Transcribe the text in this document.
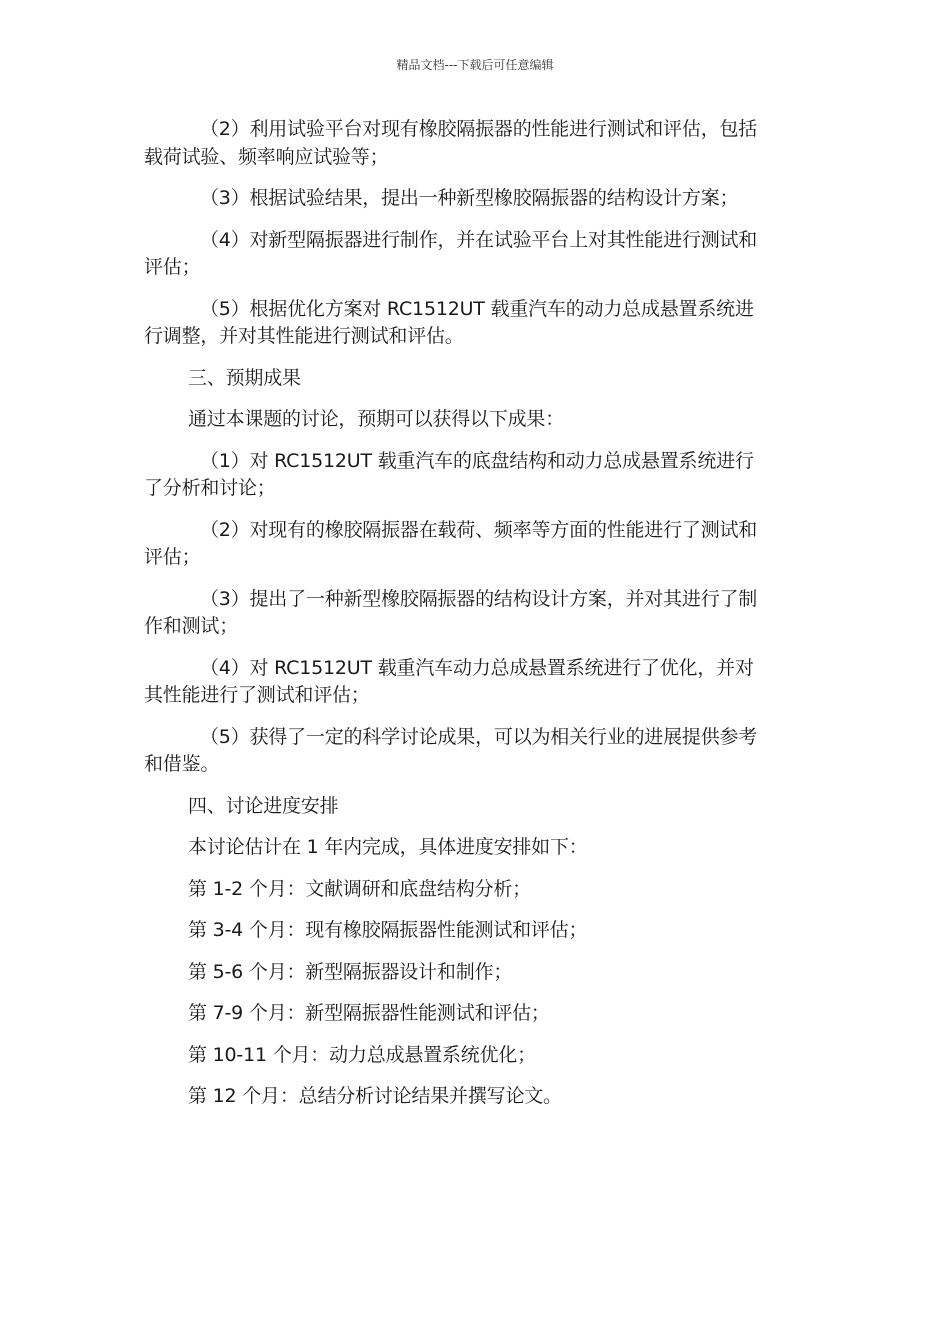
精品文档---下载后可任意编辑

（2）利用试验平台对现有橡胶隔振器的性能进行测试和评估，包括
载荷试验、频率响应试验等；

（3）根据试验结果，提出一种新型橡胶隔振器的结构设计方案；

（4）对新型隔振器进行制作，并在试验平台上对其性能进行测试和
评估；

（5）根据优化方案对 RC1512UT 载重汽车的动力总成悬置系统进
行调整，并对其性能进行测试和评估。

三、预期成果

通过本课题的讨论，预期可以获得以下成果：

（1）对 RC1512UT 载重汽车的底盘结构和动力总成悬置系统进行
了分析和讨论；

（2）对现有的橡胶隔振器在载荷、频率等方面的性能进行了测试和
评估；

（3）提出了一种新型橡胶隔振器的结构设计方案，并对其进行了制
作和测试；

（4）对 RC1512UT 载重汽车动力总成悬置系统进行了优化，并对
其性能进行了测试和评估；

（5）获得了一定的科学讨论成果，可以为相关行业的进展提供参考
和借鉴。

四、讨论进度安排

本讨论估计在 1 年内完成，具体进度安排如下：

第 1-2 个月：文献调研和底盘结构分析；

第 3-4 个月：现有橡胶隔振器性能测试和评估；

第 5-6 个月：新型隔振器设计和制作；

第 7-9 个月：新型隔振器性能测试和评估；

第 10-11 个月：动力总成悬置系统优化；

第 12 个月：总结分析讨论结果并撰写论文。
